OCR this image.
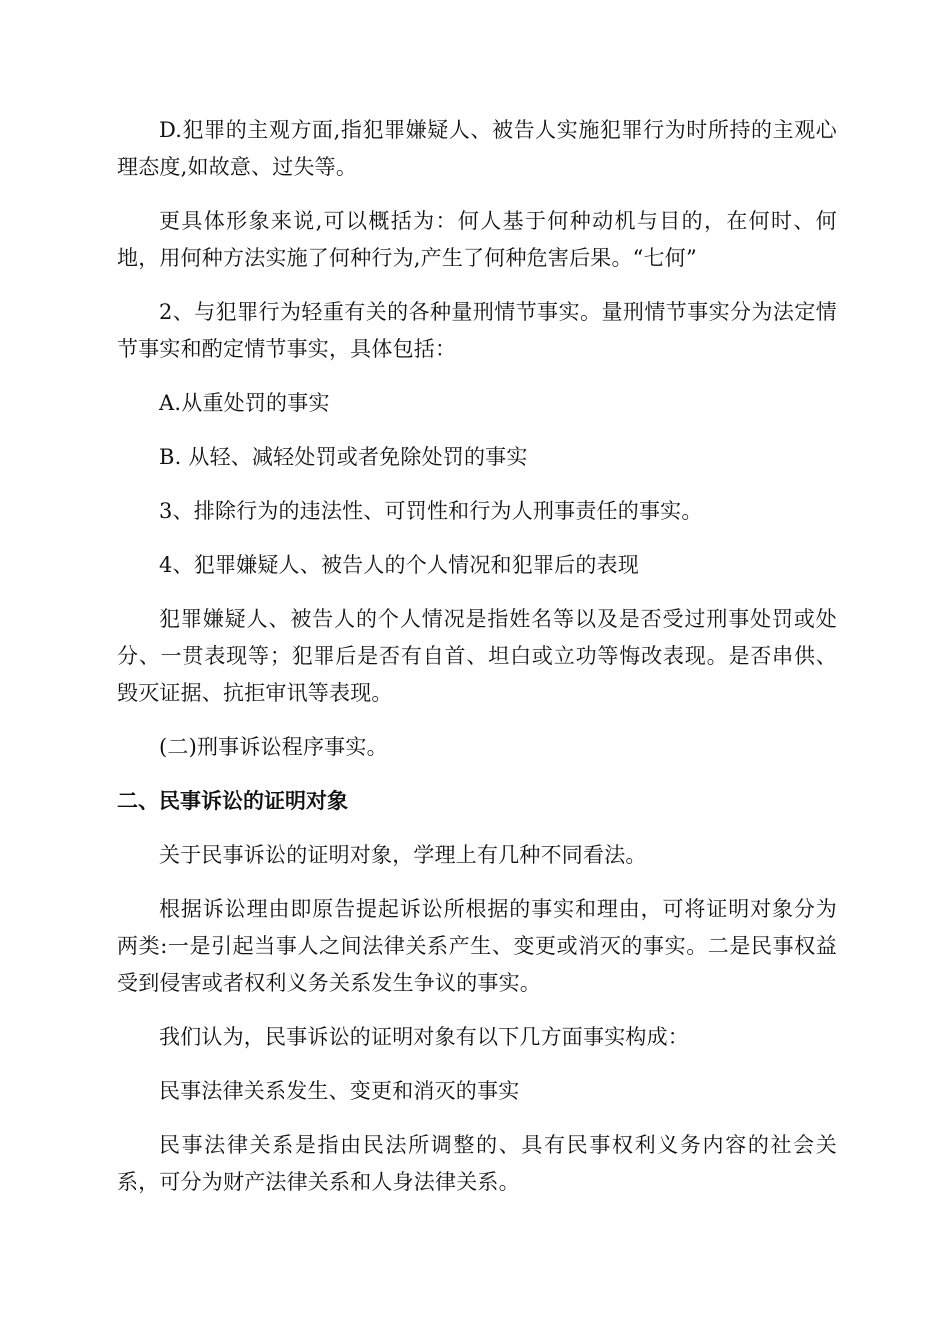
D.犯罪的主观方面,指犯罪嫌疑人、被告人实施犯罪行为时所持的主观心理态度,如故意、过失等。

更具体形象来说,可以概括为：何人基于何种动机与目的，在何时、何地，用何种方法实施了何种行为,产生了何种危害后果。“七何”

2、与犯罪行为轻重有关的各种量刑情节事实。量刑情节事实分为法定情节事实和酌定情节事实，具体包括：

A.从重处罚的事实

B. 从轻、减轻处罚或者免除处罚的事实

3、排除行为的违法性、可罚性和行为人刑事责任的事实。

4、犯罪嫌疑人、被告人的个人情况和犯罪后的表现

犯罪嫌疑人、被告人的个人情况是指姓名等以及是否受过刑事处罚或处分、一贯表现等；犯罪后是否有自首、坦白或立功等悔改表现。是否串供、毁灭证据、抗拒审讯等表现。

(二)刑事诉讼程序事实。

二、民事诉讼的证明对象

关于民事诉讼的证明对象，学理上有几种不同看法。

根据诉讼理由即原告提起诉讼所根据的事实和理由，可将证明对象分为两类:一是引起当事人之间法律关系产生、变更或消灭的事实。二是民事权益受到侵害或者权利义务关系发生争议的事实。

我们认为，民事诉讼的证明对象有以下几方面事实构成：

民事法律关系发生、变更和消灭的事实

民事法律关系是指由民法所调整的、具有民事权利义务内容的社会关系，可分为财产法律关系和人身法律关系。
